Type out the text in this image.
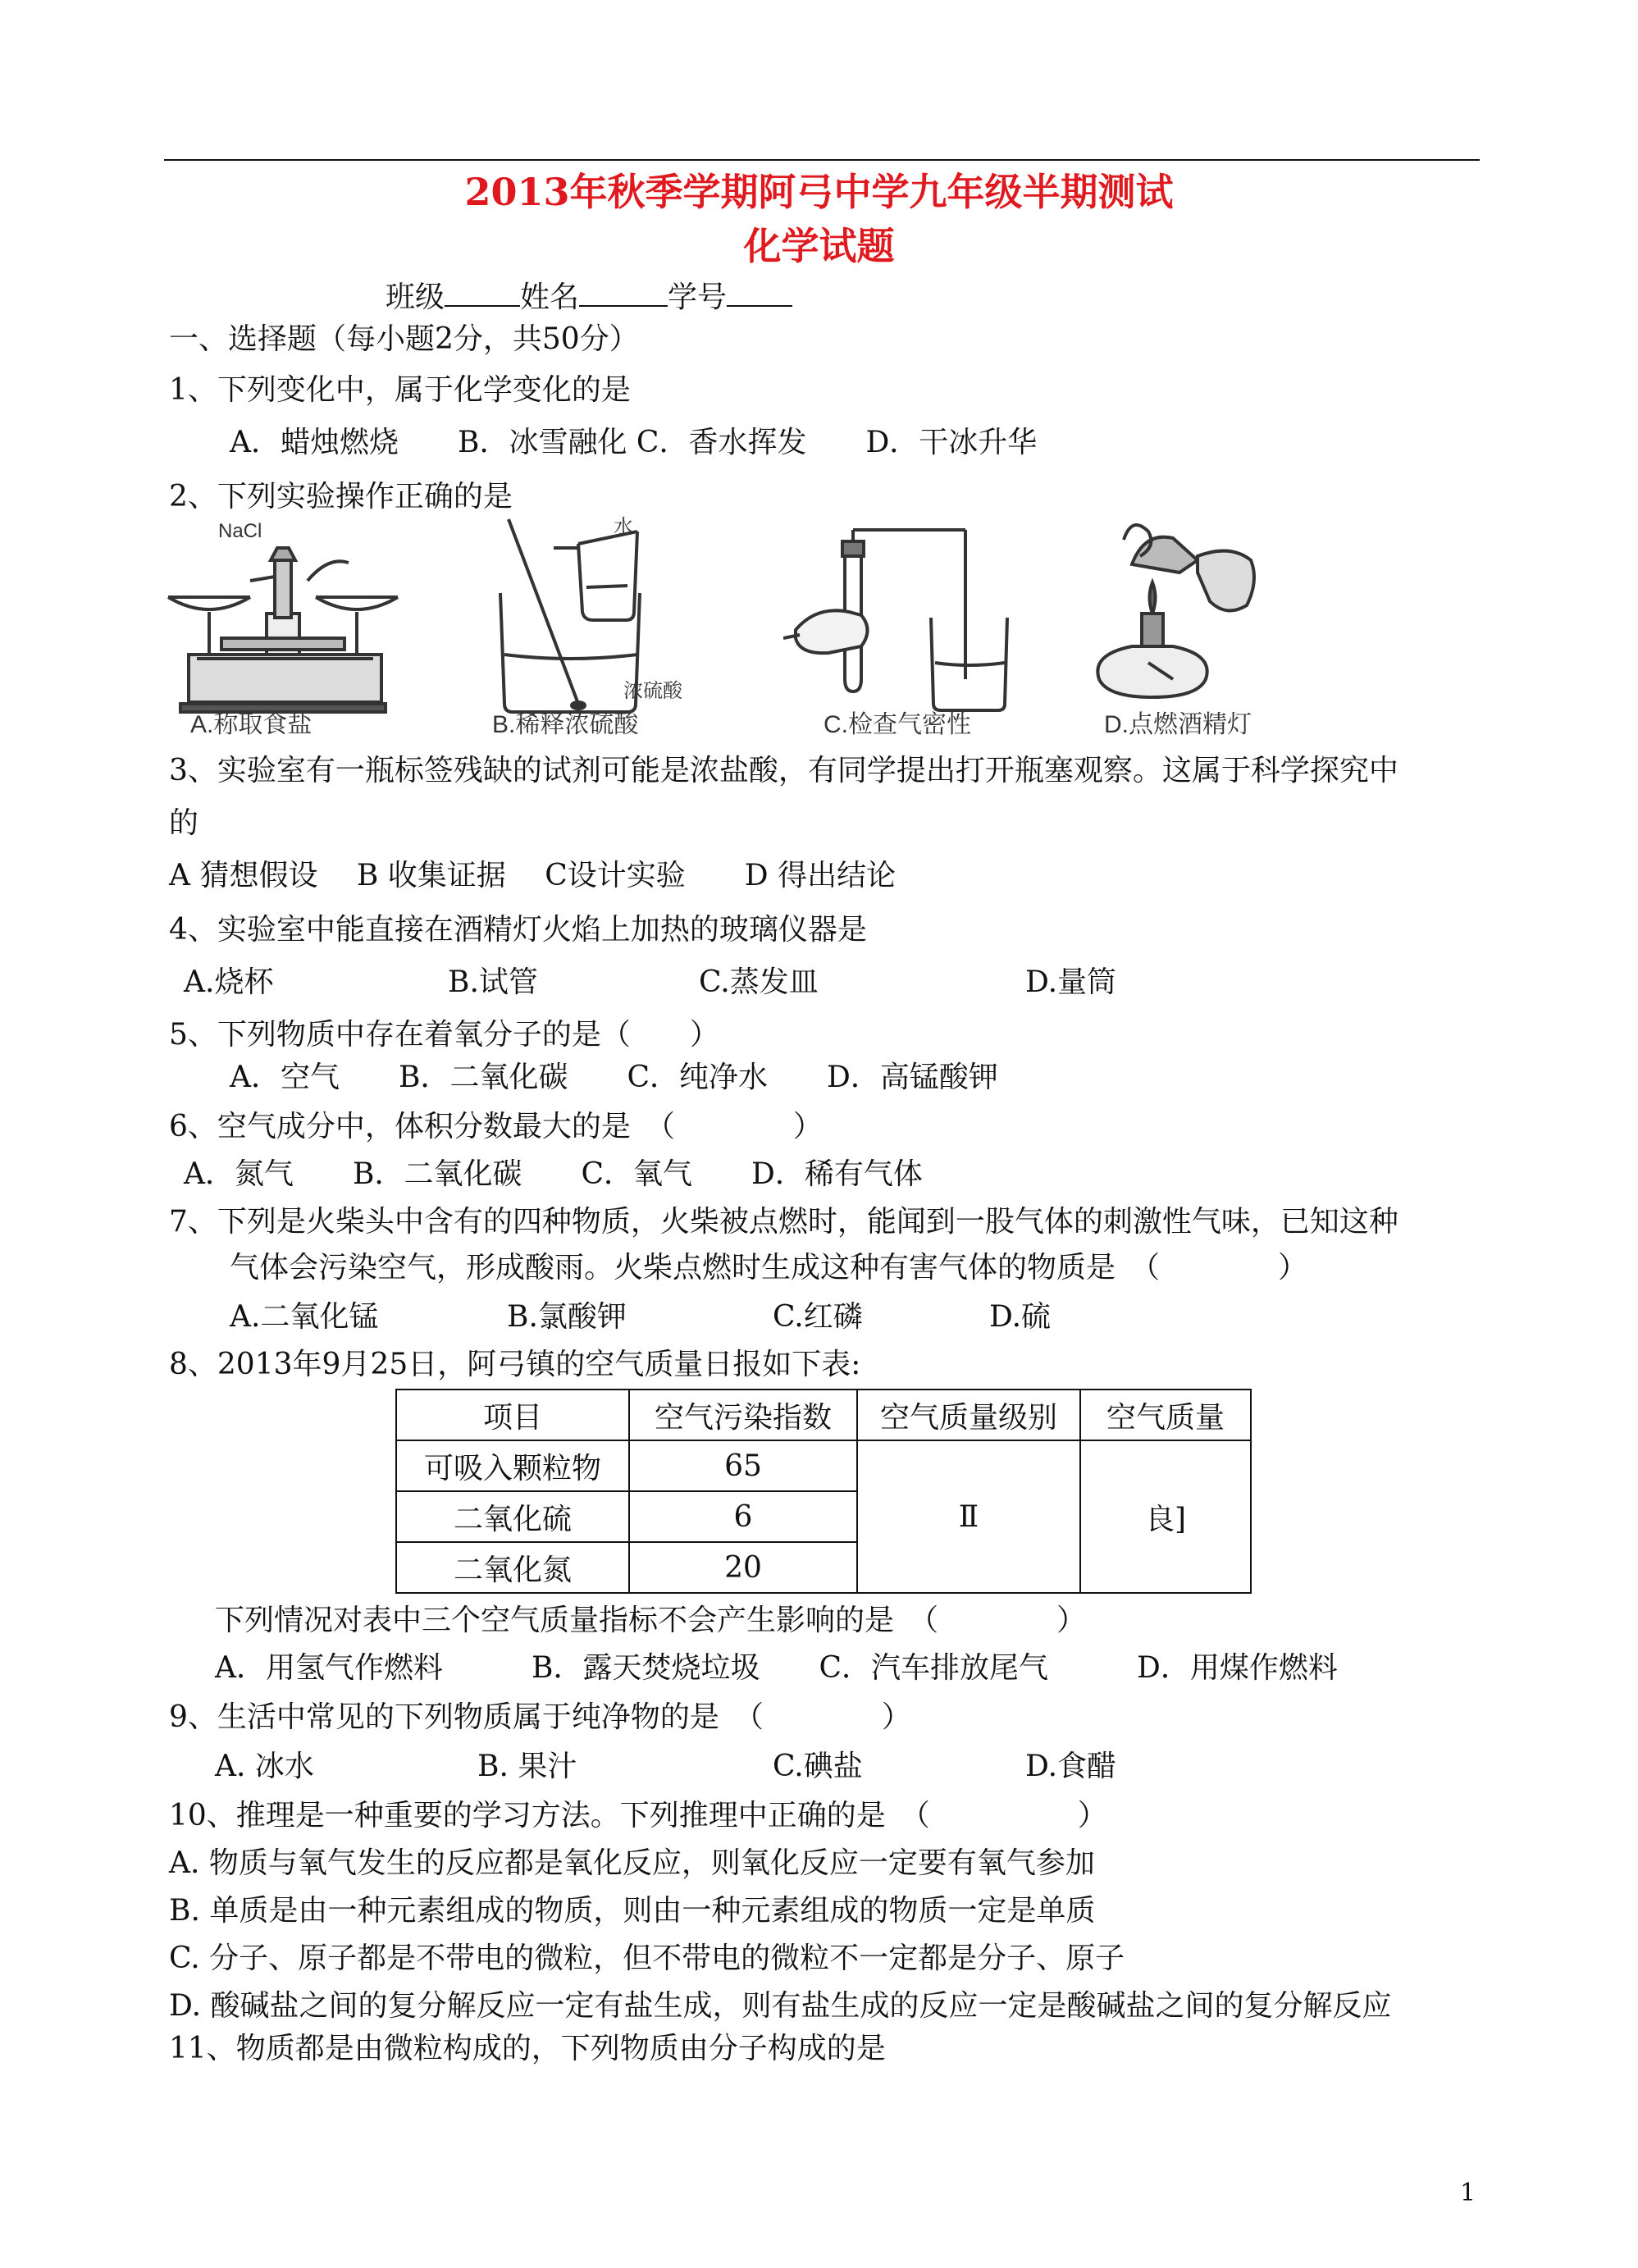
2013年秋季学期阿弓中学九年级半期测试
化学试题
班级	姓名	学号
一、选择题（每小题2分，共50分）
1、下列变化中，属于化学变化的是
A．蜡烛燃烧　　B．冰雪融化 C．香水挥发　　D．干冰升华
2、下列实验操作正确的是
NaCl
A.称取食盐
水
浓硫酸
B.稀释浓硫酸	C.检查气密性	D.点燃酒精灯
3、实验室有一瓶标签残缺的试剂可能是浓盐酸，有同学提出打开瓶塞观察。这属于科学探究中
的
A 猜想假设　 B 收集证据　 C设计实验　　D 得出结论
4、实验室中能直接在酒精灯火焰上加热的玻璃仪器是
A.烧杯	B.试管	C.蒸发皿	D.量筒
5、下列物质中存在着氧分子的是（　　）
A．空气　　B．二氧化碳　　C．纯净水　　D．高锰酸钾
6、空气成分中，体积分数最大的是　（　　　　）
A．氮气　　B．二氧化碳　　C．氧气　　D．稀有气体
7、下列是火柴头中含有的四种物质，火柴被点燃时，能闻到一股气体的刺激性气味，已知这种
气体会污染空气，形成酸雨。火柴点燃时生成这种有害气体的物质是　（　　　　）
A.二氧化锰	B.氯酸钾	C.红磷	D.硫
8、2013年9月25日，阿弓镇的空气质量日报如下表:
项目	空气污染指数	空气质量级别	空气质量
可吸入颗粒物	65	Ⅱ	良]
二氧化硫	6		
二氧化氮	20		
下列情况对表中三个空气质量指标不会产生影响的是　（　　　　）
A．用氢气作燃料　　　B．露天焚烧垃圾　　C．汽车排放尾气　　　D．用煤作燃料
9、生活中常见的下列物质属于纯净物的是　（　　　　）
A. 冰水	B. 果汁	C.碘盐	D.食醋
10、推理是一种重要的学习方法。下列推理中正确的是　（　　　　　）
A. 物质与氧气发生的反应都是氧化反应，则氧化反应一定要有氧气参加
B. 单质是由一种元素组成的物质，则由一种元素组成的物质一定是单质
C. 分子、原子都是不带电的微粒，但不带电的微粒不一定都是分子、原子
D. 酸碱盐之间的复分解反应一定有盐生成，则有盐生成的反应一定是酸碱盐之间的复分解反应
11、物质都是由微粒构成的，下列物质由分子构成的是
1
